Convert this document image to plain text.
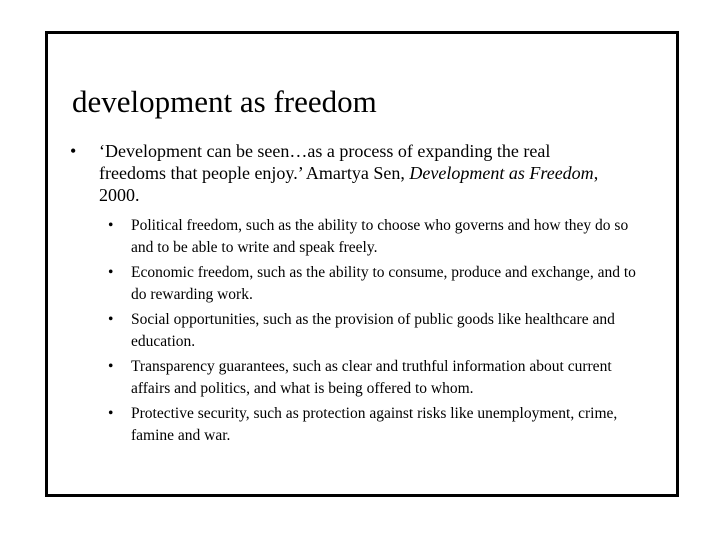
development as freedom
• ‘Development can be seen…as a process of expanding the real freedoms that people enjoy.’ Amartya Sen, Development as Freedom, 2000.
• Political freedom, such as the ability to choose who governs and how they do so and to be able to write and speak freely.
• Economic freedom, such as the ability to consume, produce and exchange, and to do rewarding work.
• Social opportunities, such as the provision of public goods like healthcare and education.
• Transparency guarantees, such as clear and truthful information about current affairs and politics, and what is being offered to whom.
• Protective security, such as protection against risks like unemployment, crime, famine and war.
